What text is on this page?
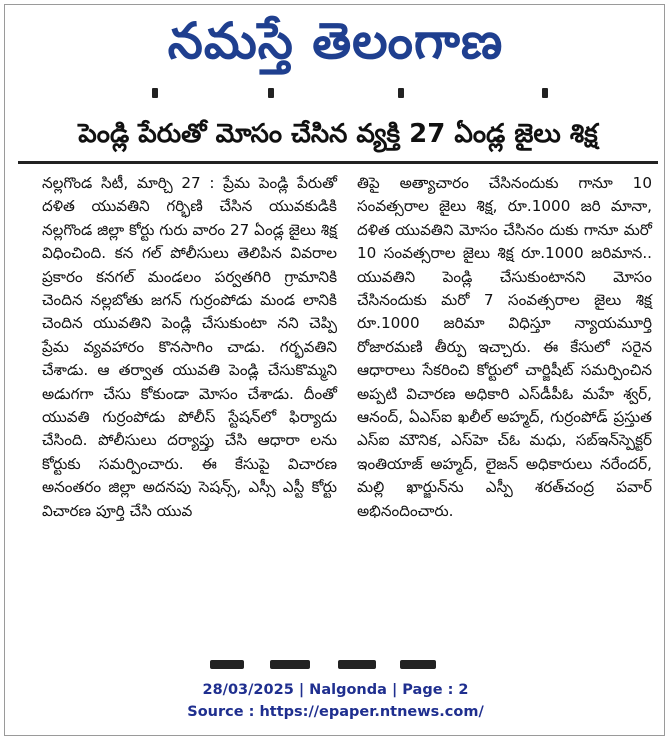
నమస్తే తెలంగాణ
పెండ్లి పేరుతో మోసం చేసిన వ్యక్తి 27 ఏండ్ల జైలు శిక్ష

నల్లగొండ సిటీ, మార్చి 27 : ప్రేమ పెండ్లి పేరుతో దళిత యువతిని గర్భిణి చేసిన యువకుడికి నల్లగొండ జిల్లా కోర్టు గురు వారం 27 ఏండ్ల జైలు శిక్ష విధించింది. కన గల్ పోలీసులు తెలిపిన వివరాల ప్రకారం కనగల్ మండలం పర్వతగిరి గ్రామానికి చెందిన నల్లబోతు జగన్ గుర్రంపోడు మండ లానికి చెందిన యువతిని పెండ్లి చేసుకుంటా నని చెప్పి ప్రేమ వ్యవహారం కొనసాగిం చాడు. గర్భవతిని చేశాడు. ఆ తర్వాత యువతి పెండ్లి చేసుకొమ్మని అడుగగా చేసు కోకుండా మోసం చేశాడు. దీంతో యువతి గుర్రంపోడు పోలీస్ స్టేషన్‌లో ఫిర్యాదు చేసింది. పోలీసులు దర్యాప్తు చేసి ఆధారా లను కోర్టుకు సమర్పించారు. ఈ కేసుపై విచారణ అనంతరం జిల్లా అదనపు సెషన్స్, ఎస్సీ ఎస్టీ కోర్టు విచారణ పూర్తి చేసి యువ

తిపై అత్యాచారం చేసినందుకు గానూ 10 సంవత్సరాల జైలు శిక్ష, రూ.1000 జరి మానా, దళిత యువతిని మోసం చేసినం దుకు గానూ మరో 10 సంవత్సరాల జైలు శిక్ష రూ.1000 జరిమాన.. యువతిని పెండ్లి చేసుకుంటానని మోసం చేసినందుకు మరో 7 సంవత్సరాల జైలు శిక్ష రూ.1000 జరిమా విధిస్తూ న్యాయమూర్తి రోజారమణి తీర్పు ఇచ్చారు. ఈ కేసులో సరైన ఆధారాలు సేకరించి కోర్టులో చార్జిషీట్ సమర్పించిన అప్పటి విచారణ అధికారి ఎస్‌డీపీఓ మహే శ్వర్, ఆనంద్, ఏఎస్‌ఐ ఖలీల్ అహ్మద్, గుర్రంపోడ్ ప్రస్తుత ఎస్ఐ మౌనిక, ఎస్‌హె చ్‌ఓ మధు, సబ్‌ఇన్‌స్పెక్టర్ ఇంతియాజ్ అహ్మద్, లైజన్ అధికారులు నరేందర్, మల్లి ఖార్జున్‌ను ఎస్పీ శరత్‌చంద్ర పవార్ అభినందించారు.

28/03/2025 | Nalgonda | Page : 2
Source : https://epaper.ntnews.com/
